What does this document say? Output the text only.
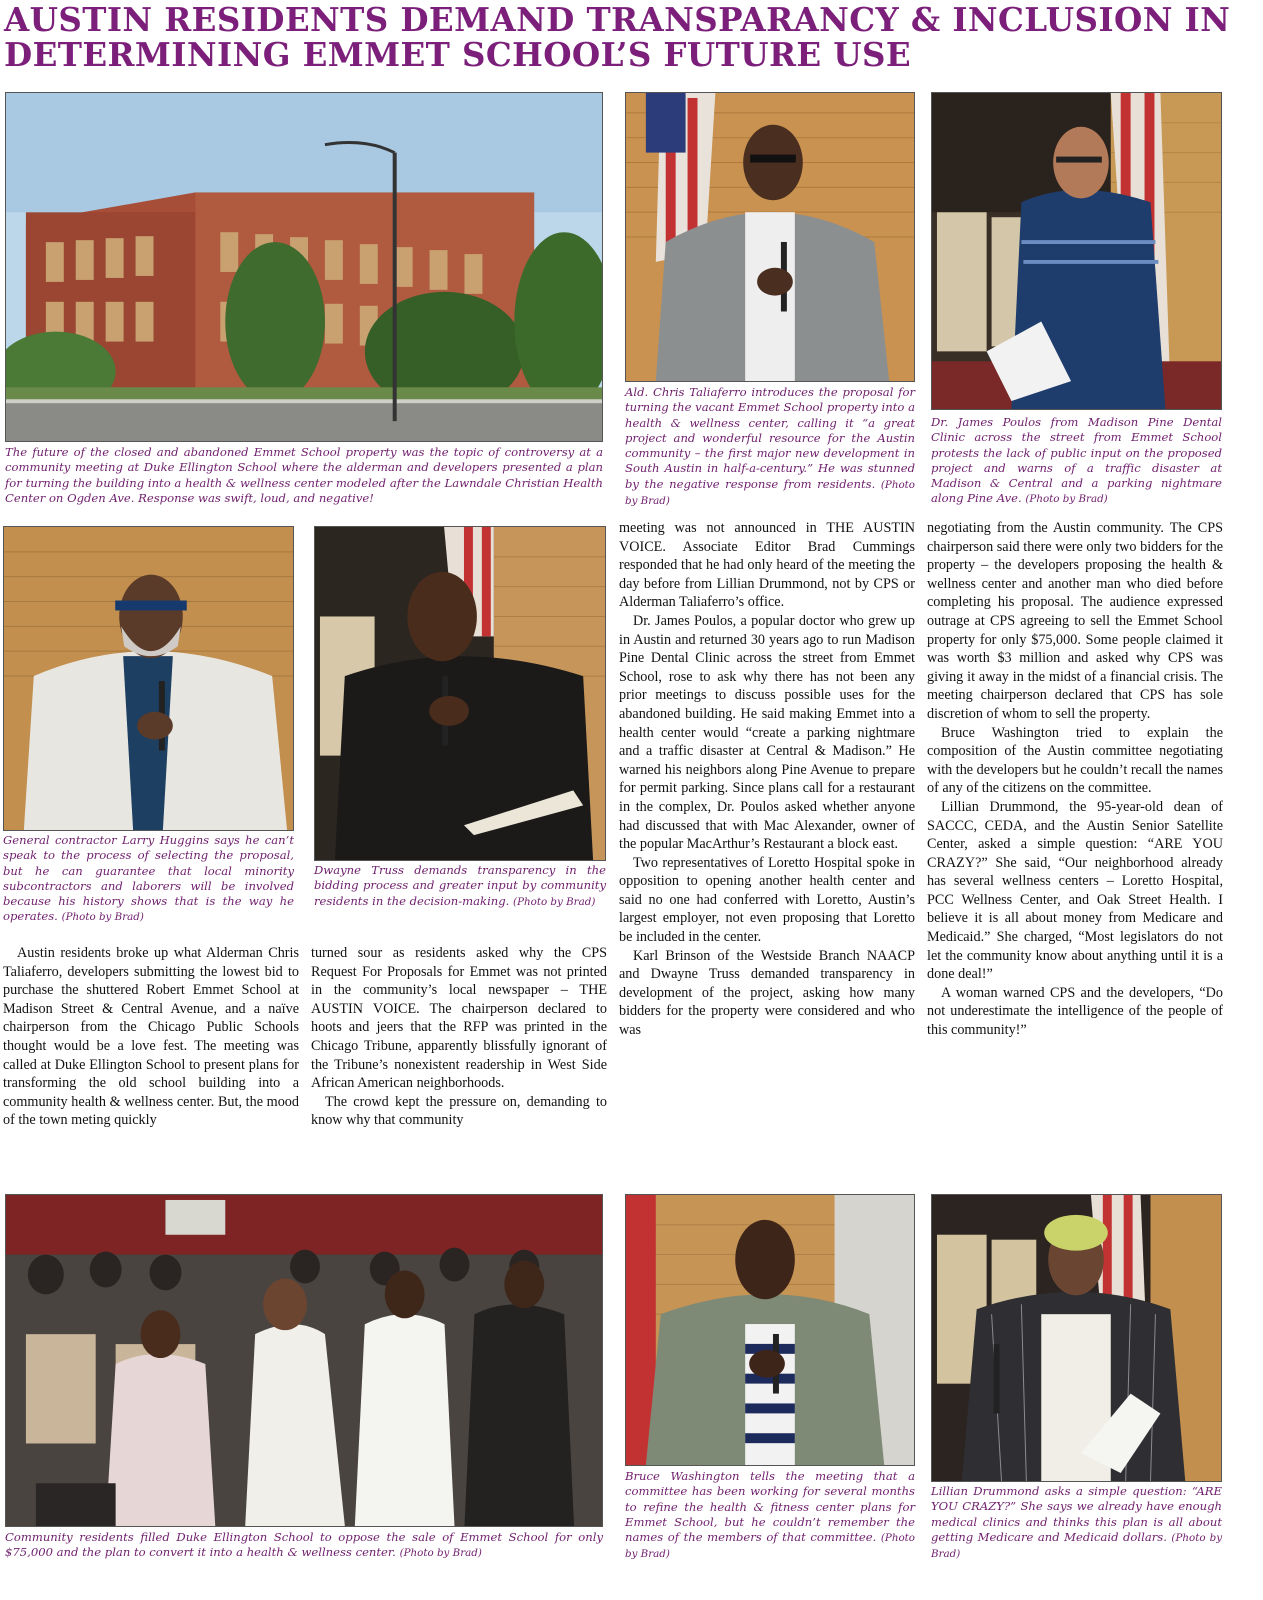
AUSTIN RESIDENTS DEMAND TRANSPARANCY & INCLUSION IN
DETERMINING EMMET SCHOOL’S FUTURE USE

The future of the closed and abandoned Emmet School property was the topic of controversy at a community meeting at Duke Ellington School where the alderman and developers presented a plan for turning the building into a health & wellness center modeled after the Lawndale Christian Health Center on Ogden Ave. Response was swift, loud, and negative!

Ald. Chris Taliaferro introduces the proposal for turning the vacant Emmet School property into a health & wellness center, calling it “a great project and wonderful resource for the Austin community – the first major new development in South Austin in half-a-century.” He was stunned by the negative response from residents. (Photo by Brad)

Dr. James Poulos from Madison Pine Dental Clinic across the street from Emmet School protests the lack of public input on the proposed project and warns of a traffic disaster at Madison & Central and a parking nightmare along Pine Ave. (Photo by Brad)

General contractor Larry Huggins says he can’t speak to the process of selecting the proposal, but he can guarantee that local minority subcontractors and laborers will be involved because his history shows that is the way he operates. (Photo by Brad)

Dwayne Truss demands transparency in the bidding process and greater input by community residents in the decision-making. (Photo by Brad)

Austin residents broke up what Alderman Chris Taliaferro, developers submitting the lowest bid to purchase the shuttered Robert Emmet School at Madison Street & Central Avenue, and a naïve chairperson from the Chicago Public Schools thought would be a love fest. The meeting was called at Duke Ellington School to present plans for transforming the old school building into a community health & wellness center. But, the mood of the town meting quickly

turned sour as residents asked why the CPS Request For Proposals for Emmet was not printed in the community’s local newspaper – THE AUSTIN VOICE. The chairperson declared to hoots and jeers that the RFP was printed in the Chicago Tribune, apparently blissfully ignorant of the Tribune’s nonexistent readership in West Side African American neighborhoods.

The crowd kept the pressure on, demanding to know why that community

meeting was not announced in THE AUSTIN VOICE. Associate Editor Brad Cummings responded that he had only heard of the meeting the day before from Lillian Drummond, not by CPS or Alderman Taliaferro’s office.

Dr. James Poulos, a popular doctor who grew up in Austin and returned 30 years ago to run Madison Pine Dental Clinic across the street from Emmet School, rose to ask why there has not been any prior meetings to discuss possible uses for the abandoned building. He said making Emmet into a health center would “create a parking nightmare and a traffic disaster at Central & Madison.” He warned his neighbors along Pine Avenue to prepare for permit parking. Since plans call for a restaurant in the complex, Dr. Poulos asked whether anyone had discussed that with Mac Alexander, owner of the popular MacArthur’s Restaurant a block east.

Two representatives of Loretto Hospital spoke in opposition to opening another health center and said no one had conferred with Loretto, Austin’s largest employer, not even proposing that Loretto be included in the center.

Karl Brinson of the Westside Branch NAACP and Dwayne Truss demanded transparency in development of the project, asking how many bidders for the property were considered and who was

negotiating from the Austin community. The CPS chairperson said there were only two bidders for the property – the developers proposing the health & wellness center and another man who died before completing his proposal. The audience expressed outrage at CPS agreeing to sell the Emmet School property for only $75,000. Some people claimed it was worth $3 million and asked why CPS was giving it away in the midst of a financial crisis. The meeting chairperson declared that CPS has sole discretion of whom to sell the property.

Bruce Washington tried to explain the composition of the Austin committee negotiating with the developers but he couldn’t recall the names of any of the citizens on the committee.

Lillian Drummond, the 95-year-old dean of SACCC, CEDA, and the Austin Senior Satellite Center, asked a simple question: “ARE YOU CRAZY?” She said, “Our neighborhood already has several wellness centers – Loretto Hospital, PCC Wellness Center, and Oak Street Health. I believe it is all about money from Medicare and Medicaid.” She charged, “Most legislators do not let the community know about anything until it is a done deal!”

A woman warned CPS and the developers, “Do not underestimate the intelligence of the people of this community!”

Community residents filled Duke Ellington School to oppose the sale of Emmet School for only $75,000 and the plan to convert it into a health & wellness center. (Photo by Brad)

Bruce Washington tells the meeting that a committee has been working for several months to refine the health & fitness center plans for Emmet School, but he couldn’t remember the names of the members of that committee. (Photo by Brad)

Lillian Drummond asks a simple question: “ARE YOU CRAZY?” She says we already have enough medical clinics and thinks this plan is all about getting Medicare and Medicaid dollars. (Photo by Brad)
